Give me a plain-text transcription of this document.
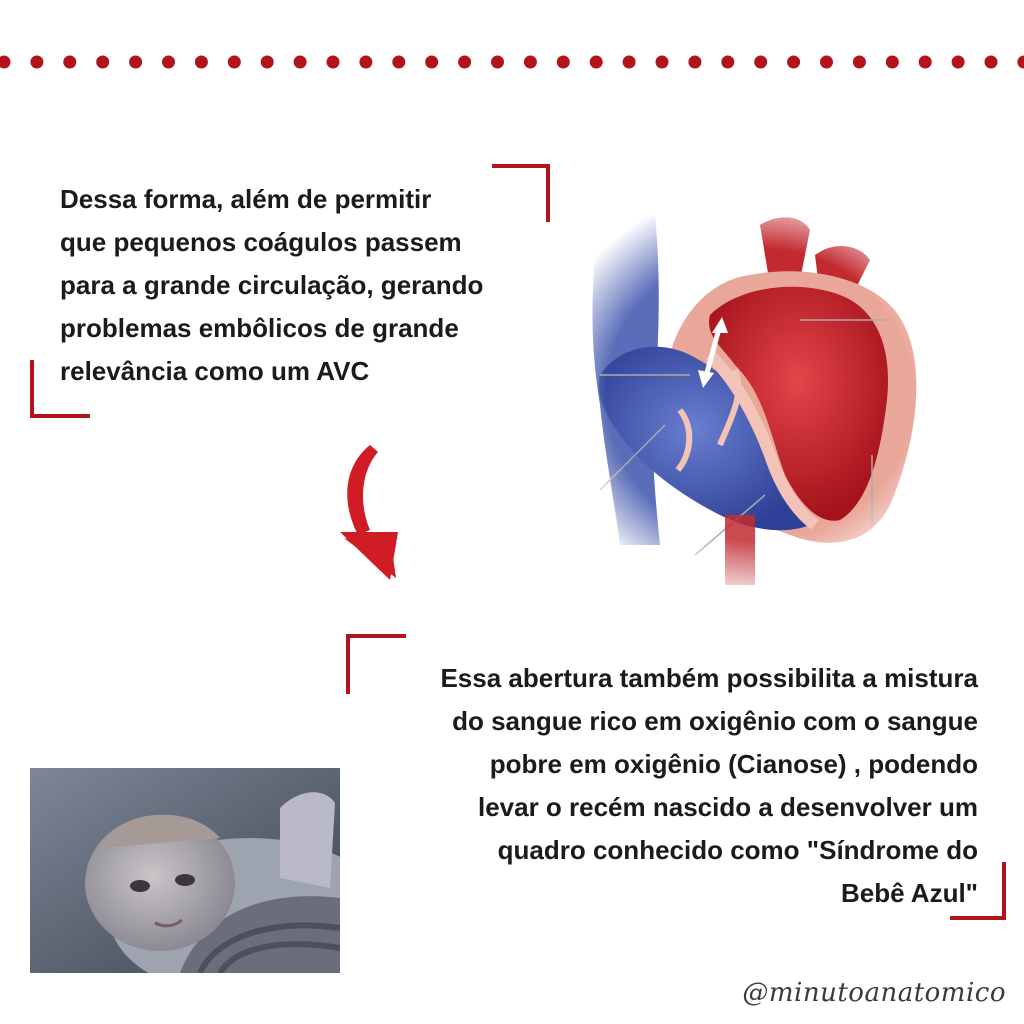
Dessa forma, além de permitir
que pequenos coágulos passem
para a grande circulação, gerando
problemas embôlicos de grande
relevância como um AVC
Essa abertura também possibilita a mistura
do sangue rico em oxigênio com o sangue
pobre em oxigênio (Cianose) , podendo
levar o recém nascido a desenvolver um
quadro conhecido como "Síndrome do
Bebê Azul"
@minutoanatomico
